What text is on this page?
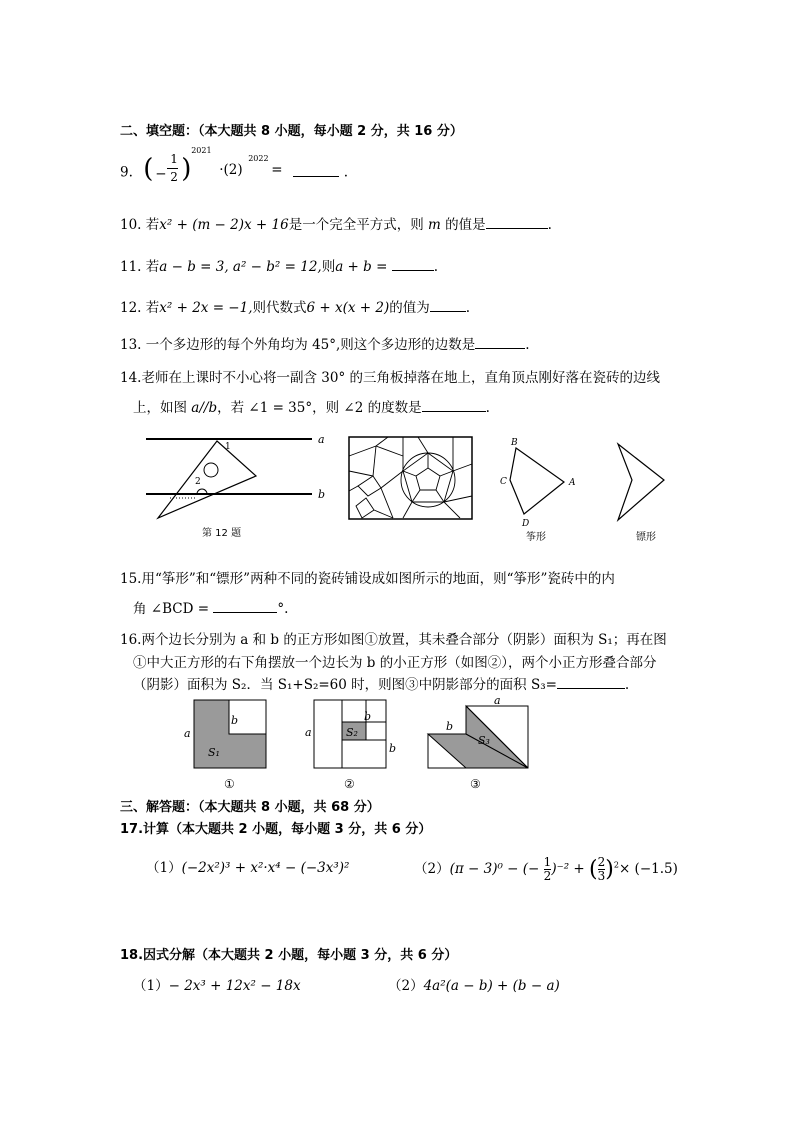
二、填空题：（本大题共 8 小题，每小题 2 分，共 16 分）
9. ( −
1
2 )
2021
·(2)
2022
=	.
10. 若x² + (m − 2)x + 16是一个完全平方式，则 m 的值是	.
11. 若a − b = 3, a² − b² = 12,则a + b =	.
12. 若x² + 2x = −1,则代数式6 + x(x + 2)的值为	.
13. 一个多边形的每个外角均为 45°,则这个多边形的边数是	.
14.老师在上课时不小心将一副含 30° 的三角板掉落在地上，直角顶点刚好落在瓷砖的边线
上，如图 a//b，若 ∠1 = 35°，则 ∠2 的度数是	.
a
b
1
2
第 12 题
B
C	A
D
筝形	镖形
15.用“筝形”和“镖形”两种不同的瓷砖铺设成如图所示的地面，则“筝形”瓷砖中的内
角 ∠BCD =	°.
16.两个边长分别为 a 和 b 的正方形如图①放置，其未叠合部分（阴影）面积为 S₁；再在图
①中大正方形的右下角摆放一个边长为 b 的小正方形（如图②），两个小正方形叠合部分
（阴影）面积为 S₂．当 S₁+S₂=60 时，则图③中阴影部分的面积 S₃=	.
a
b
S₁
①
a
b
b
S₂
②
a
b
S₃
③
三、解答题：（本大题共 8 小题，共 68 分）
17.计算（本大题共 2 小题，每小题 3 分，共 6 分）
（1）(−2x²)³ + x²·x⁴ − (−3x³)²	（2）(π − 3)⁰ − (− $\frac{1}{2} )^{-2}$ + ( $\frac{2}{3} )^2\times (-1.5)$
18.因式分解（本大题共 2 小题，每小题 3 分，共 6 分）
（1）− 2x³ + 12x² − 18x	（2）4a²(a − b) + (b − a)
